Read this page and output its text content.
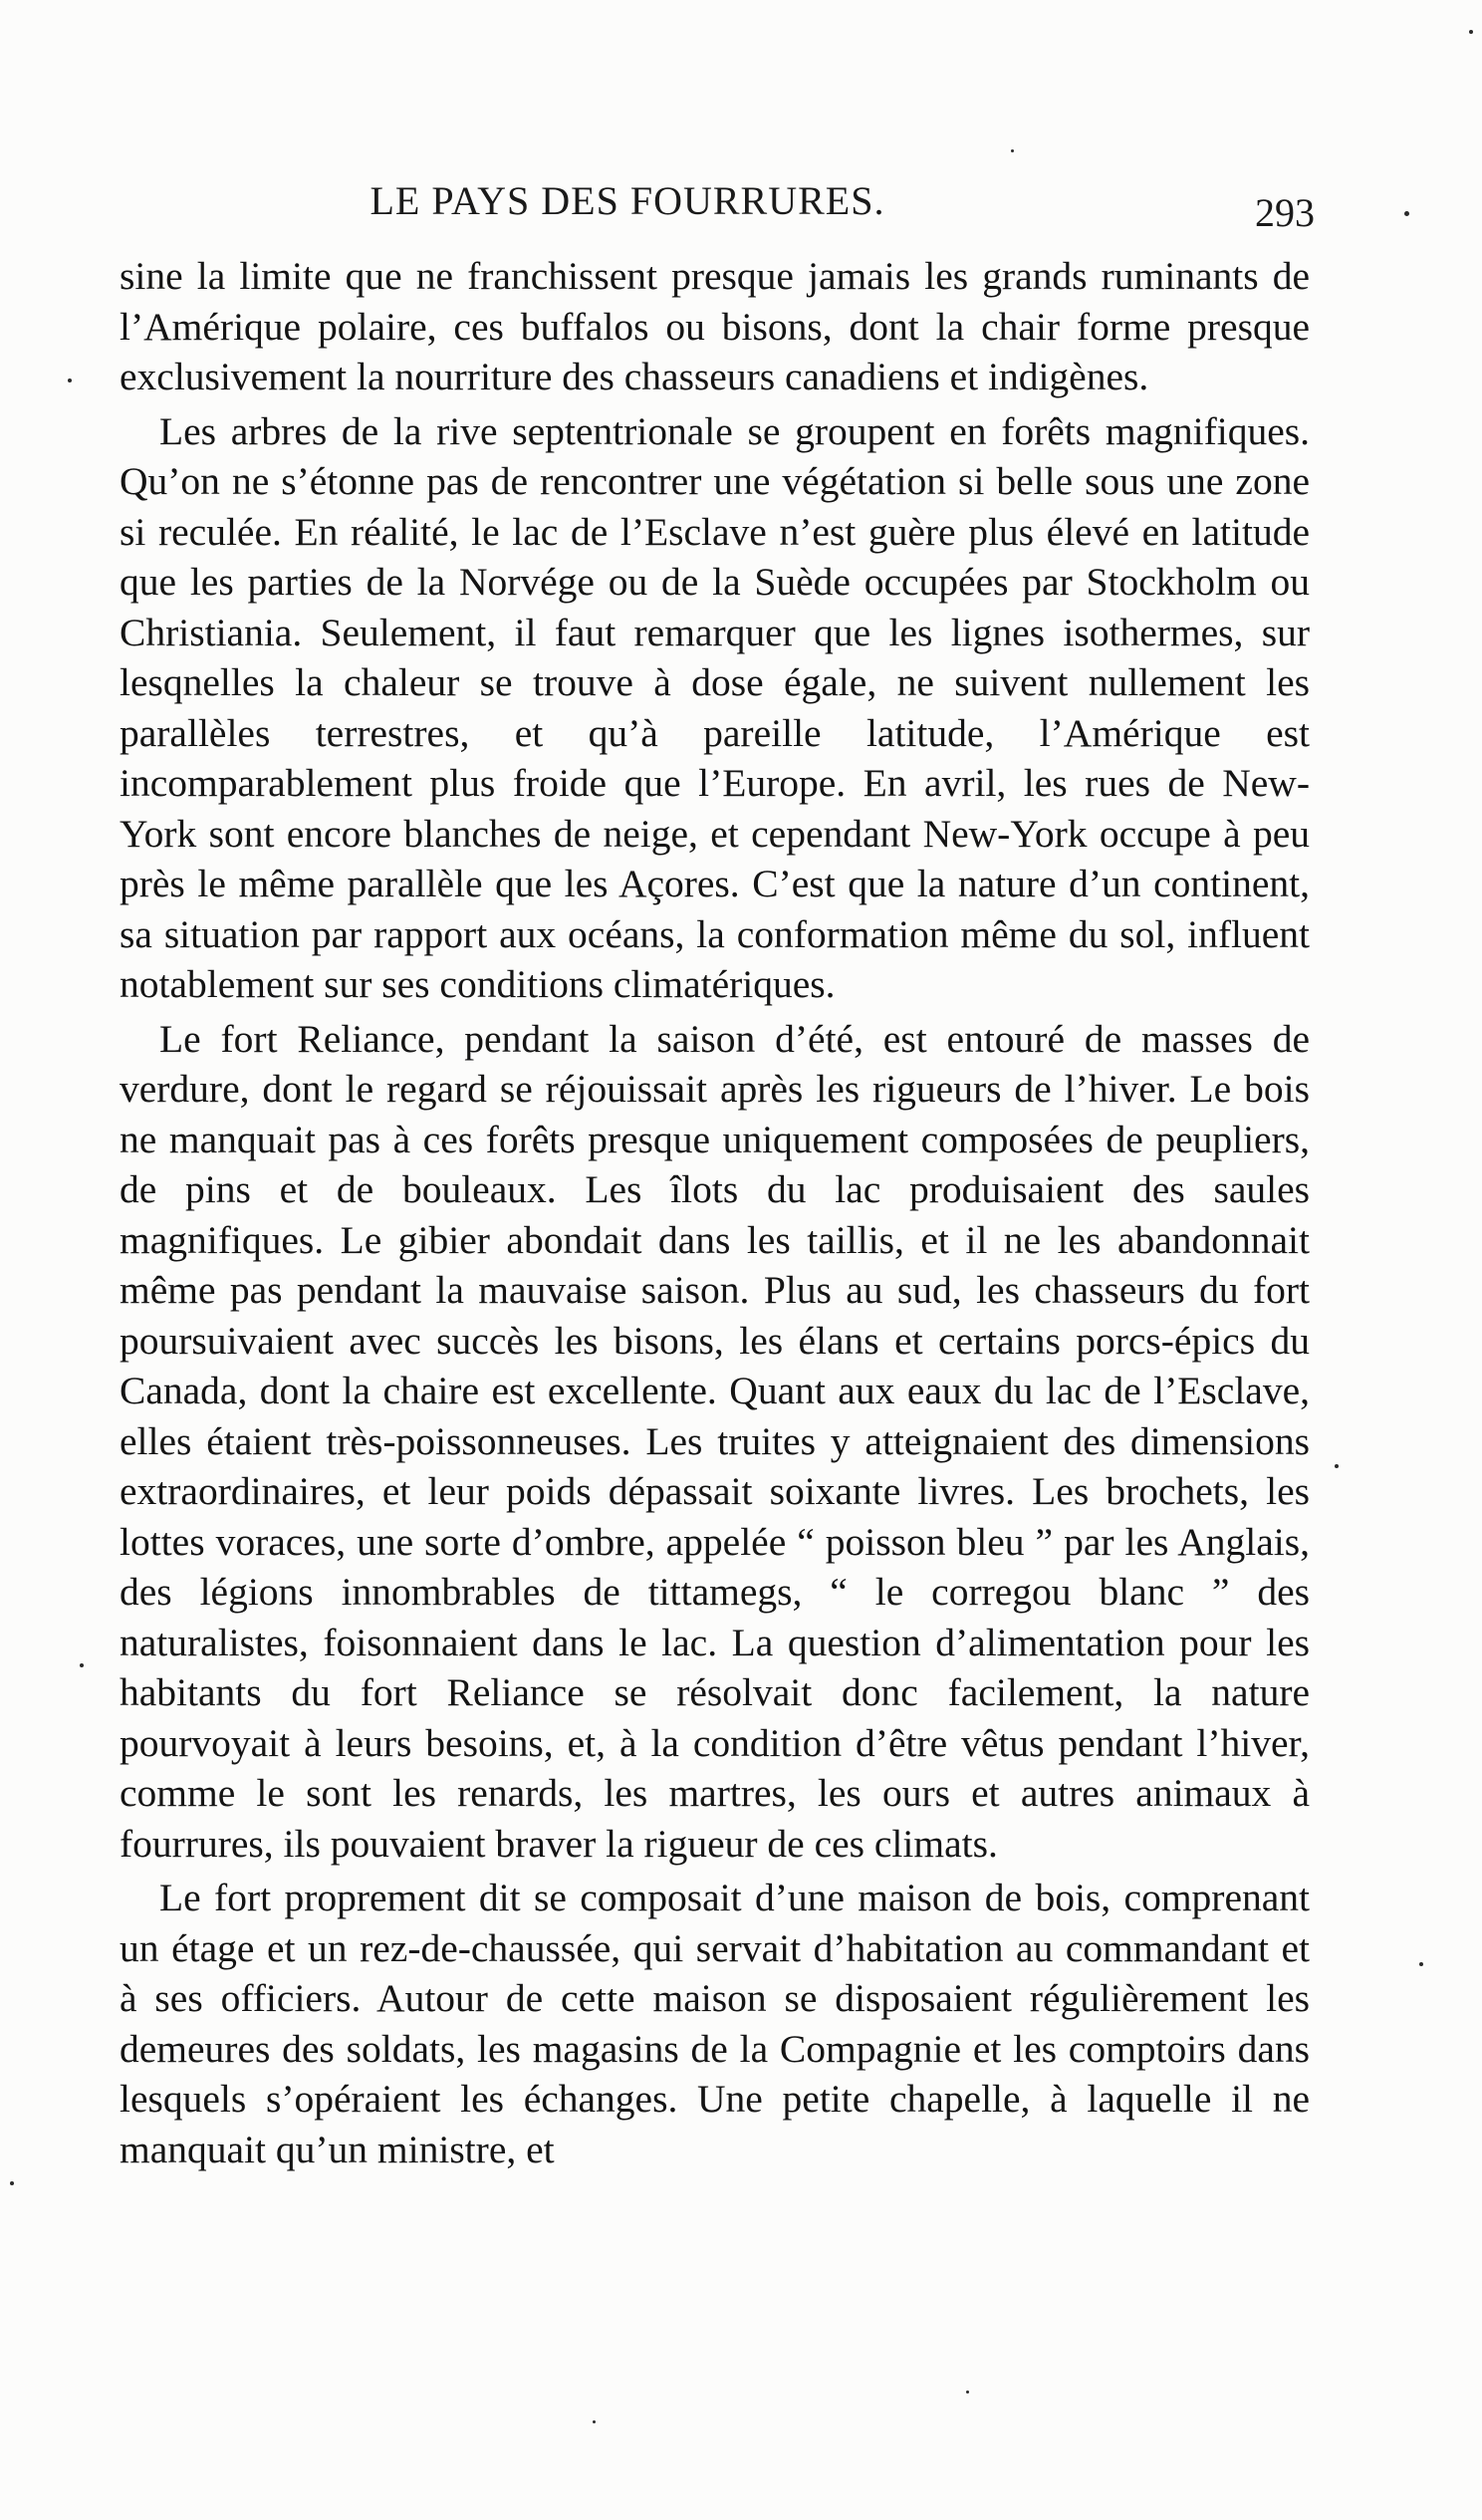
LE PAYS DES FOURRURES.	293

sine la limite que ne franchissent presque jamais les grands ruminants de l’Amérique polaire, ces buffalos ou bisons, dont la chair forme presque exclusivement la nourriture des chasseurs canadiens et indigènes.

Les arbres de la rive septentrionale se groupent en forêts magnifiques. Qu’on ne s’étonne pas de rencontrer une végétation si belle sous une zone si reculée. En réalité, le lac de l’Esclave n’est guère plus élevé en latitude que les parties de la Norvége ou de la Suède occupées par Stockholm ou Christiania. Seulement, il faut remarquer que les lignes isothermes, sur lesqnelles la chaleur se trouve à dose égale, ne suivent nullement les parallèles terrestres, et qu’à pareille latitude, l’Amérique est incomparablement plus froide que l’Europe. En avril, les rues de New-York sont encore blanches de neige, et cependant New-York occupe à peu près le même parallèle que les Açores. C’est que la nature d’un continent, sa situation par rapport aux océans, la conformation même du sol, influent notablement sur ses conditions climatériques.

Le fort Reliance, pendant la saison d’été, est entouré de masses de verdure, dont le regard se réjouissait après les rigueurs de l’hiver. Le bois ne manquait pas à ces forêts presque uniquement composées de peupliers, de pins et de bouleaux. Les îlots du lac produisaient des saules magnifiques. Le gibier abondait dans les taillis, et il ne les abandonnait même pas pendant la mauvaise saison. Plus au sud, les chasseurs du fort poursuivaient avec succès les bisons, les élans et certains porcs-épics du Canada, dont la chaire est excellente. Quant aux eaux du lac de l’Esclave, elles étaient très-poissonneuses. Les truites y atteignaient des dimensions extraordinaires, et leur poids dépassait soixante livres. Les brochets, les lottes voraces, une sorte d’ombre, appelée “ poisson bleu ” par les Anglais, des légions innombrables de tittamegs, “ le corregou blanc ” des naturalistes, foisonnaient dans le lac. La question d’alimentation pour les habitants du fort Reliance se résolvait donc facilement, la nature pourvoyait à leurs besoins, et, à la condition d’être vêtus pendant l’hiver, comme le sont les renards, les martres, les ours et autres animaux à fourrures, ils pouvaient braver la rigueur de ces climats.

Le fort proprement dit se composait d’une maison de bois, comprenant un étage et un rez-de-chaussée, qui servait d’habitation au commandant et à ses officiers. Autour de cette maison se disposaient régulièrement les demeures des soldats, les magasins de la Compagnie et les comptoirs dans lesquels s’opéraient les échanges. Une petite chapelle, à laquelle il ne manquait qu’un ministre, et
